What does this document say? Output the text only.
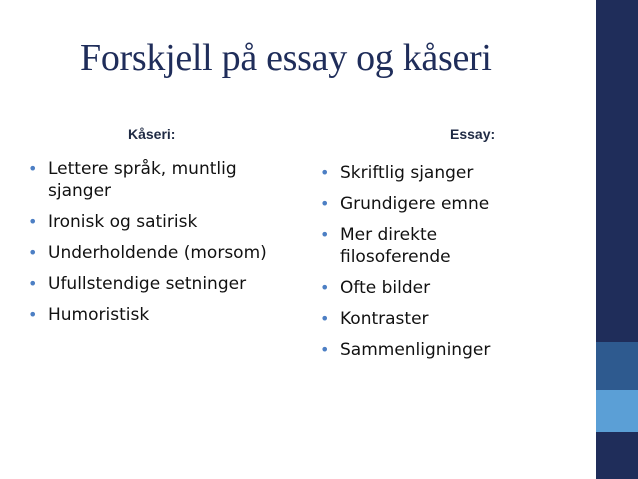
Forskjell på essay og kåseri
Kåseri:	Essay:
• Lettere språk, muntlig sjanger
• Ironisk og satirisk
• Underholdende (morsom)
• Ufullstendige setninger
• Humoristisk
• Skriftlig sjanger
• Grundigere emne
• Mer direkte filosoferende
• Ofte bilder
• Kontraster
• Sammenligninger
